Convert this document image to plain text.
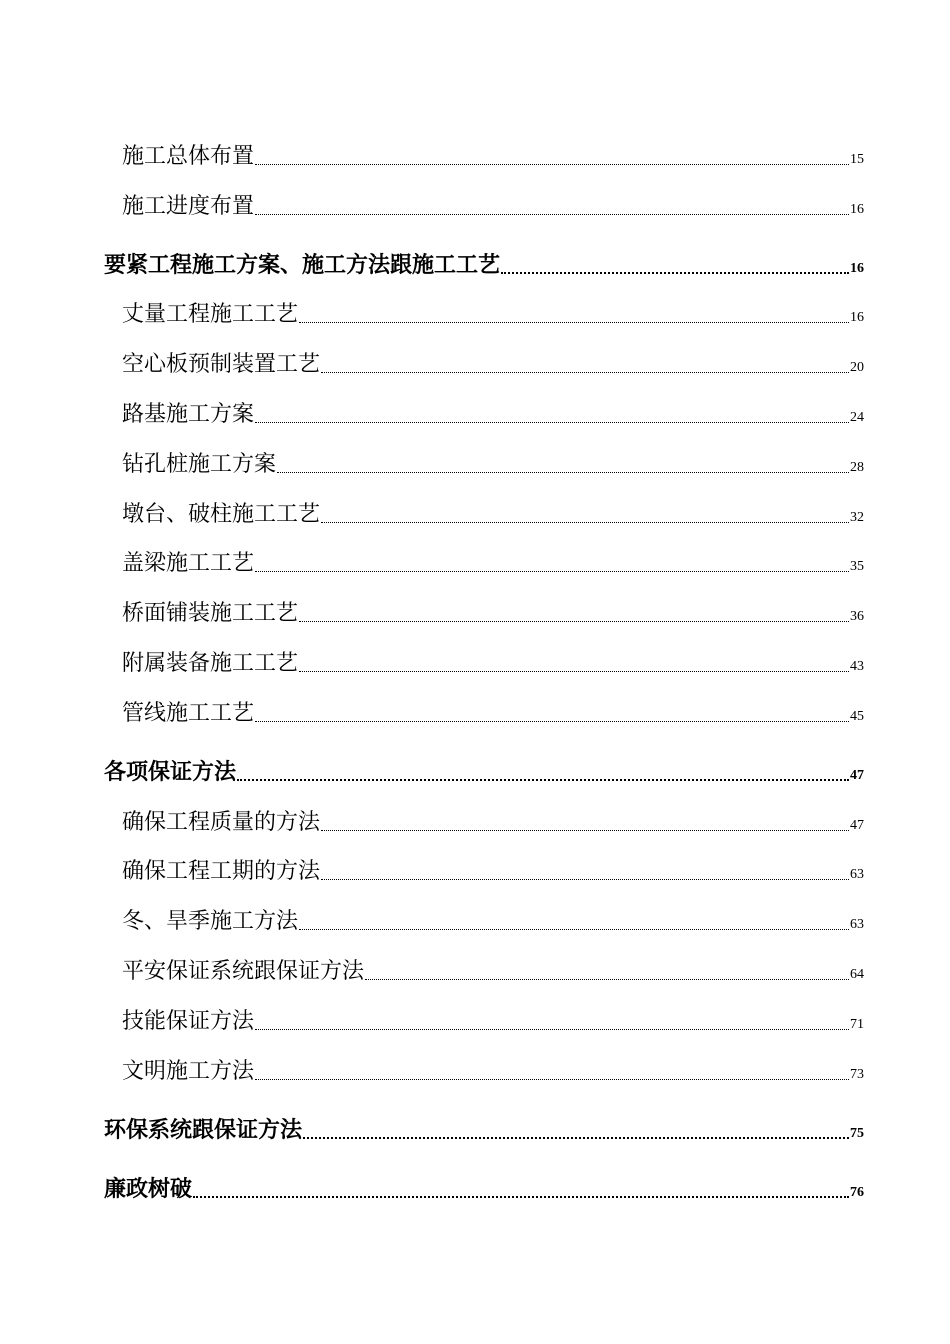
施工总体布置	15
施工进度布置	16
要紧工程施工方案、施工方法跟施工工艺	16
丈量工程施工工艺	16
空心板预制装置工艺	20
路基施工方案	24
钻孔桩施工方案	28
墩台、破柱施工工艺	32
盖梁施工工艺	35
桥面铺装施工工艺	36
附属装备施工工艺	43
管线施工工艺	45
各项保证方法	47
确保工程质量的方法	47
确保工程工期的方法	63
冬、旱季施工方法	63
平安保证系统跟保证方法	64
技能保证方法	71
文明施工方法	73
环保系统跟保证方法	75
廉政树破	76
